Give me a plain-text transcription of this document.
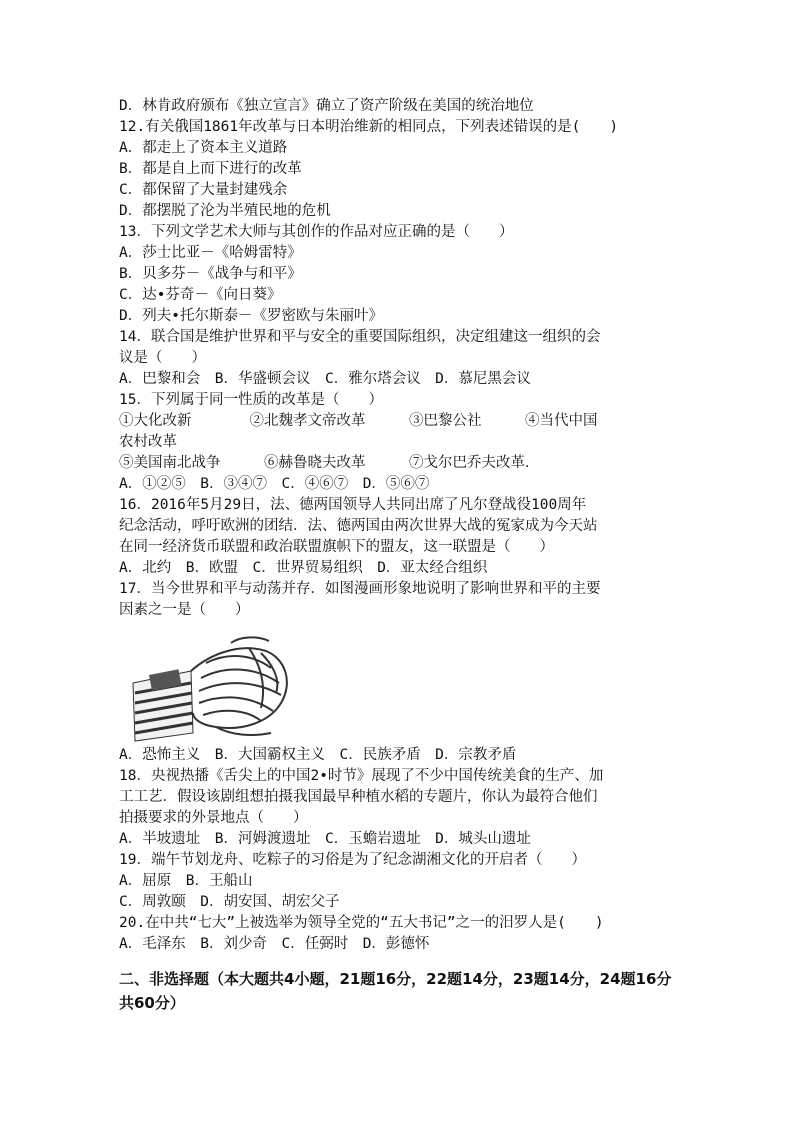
D．林肯政府颁布《独立宣言》确立了资产阶级在美国的统治地位
12.有关俄国1861年改革与日本明治维新的相同点，下列表述错误的是(　　)
A．都走上了资本主义道路
B．都是自上而下进行的改革
C．都保留了大量封建残余
D．都摆脱了沦为半殖民地的危机
13．下列文学艺术大师与其创作的作品对应正确的是（　　）
A．莎士比亚－《哈姆雷特》
B．贝多芬－《战争与和平》
C．达•芬奇－《向日葵》
D．列夫•托尔斯泰－《罗密欧与朱丽叶》
14．联合国是维护世界和平与安全的重要国际组织，决定组建这一组织的会
议是（　　）
A．巴黎和会　B．华盛顿会议　C．雅尔塔会议　D．慕尼黑会议
15．下列属于同一性质的改革是（　　）
①大化改新　　　　②北魏孝文帝改革　　　③巴黎公社　　　④当代中国
农村改革
⑤美国南北战争　　　⑥赫鲁晓夫改革　　　⑦戈尔巴乔夫改革．
A．①②⑤　B．③④⑦　C．④⑥⑦　D．⑤⑥⑦
16．2016年5月29日，法、德两国领导人共同出席了凡尔登战役100周年
纪念活动，呼吁欧洲的团结．法、德两国由两次世界大战的冤家成为今天站
在同一经济货币联盟和政治联盟旗帜下的盟友，这一联盟是（　　）
A．北约　B．欧盟　C．世界贸易组织　D．亚太经合组织
17．当今世界和平与动荡并存．如图漫画形象地说明了影响世界和平的主要
因素之一是（　　）
A．恐怖主义　B．大国霸权主义　C．民族矛盾　D．宗教矛盾
18．央视热播《舌尖上的中国2•时节》展现了不少中国传统美食的生产、加
工工艺．假设该剧组想拍摄我国最早种植水稻的专题片，你认为最符合他们
拍摄要求的外景地点（　　）
A．半坡遗址　B．河姆渡遗址　C．玉蟾岩遗址　D．城头山遗址
19．端午节划龙舟、吃粽子的习俗是为了纪念湖湘文化的开启者（　　）
A．屈原　B．王船山
C．周敦颐　D．胡安国、胡宏父子
20.在中共“七大”上被选举为领导全党的“五大书记”之一的汨罗人是(　　)
A．毛泽东　B．刘少奇　C．任弼时　D．彭德怀
二、非选择题（本大题共4小题，21题16分，22题14分，23题14分，24题16分共60分）
